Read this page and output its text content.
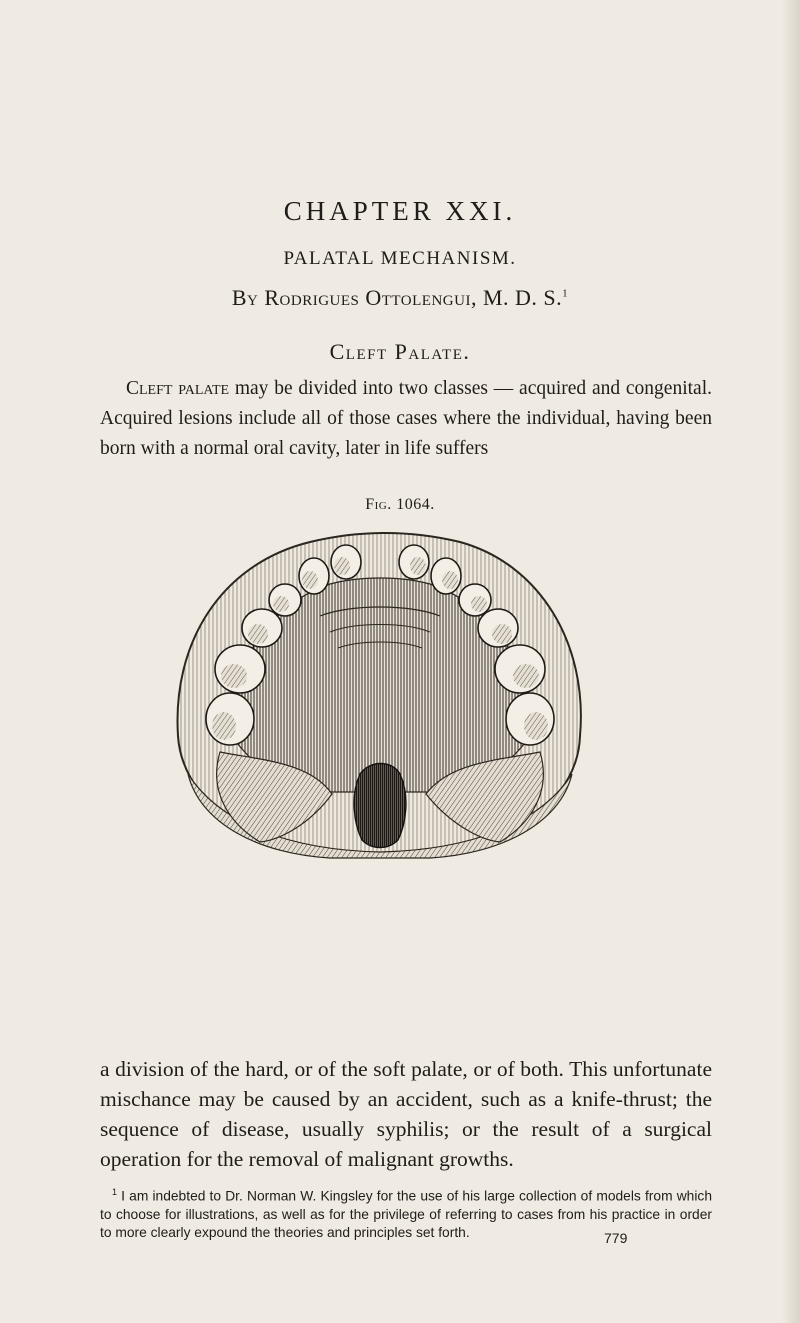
CHAPTER XXI.
PALATAL MECHANISM.
By Rodrigues Ottolengui, M. D. S.$^1$
Cleft Palate.

Cleft palate may be divided into two classes — acquired and congenital. Acquired lesions include all of those cases where the individual, having been born with a normal oral cavity, later in life suffers

Fig. 1064.

a division of the hard, or of the soft palate, or of both. This unfortunate mischance may be caused by an accident, such as a knife-thrust; the sequence of disease, usually syphilis; or the result of a surgical operation for the removal of malignant growths.

$^1$ I am indebted to Dr. Norman W. Kingsley for the use of his large collection of models from which to choose for illustrations, as well as for the privilege of referring to cases from his practice in order to more clearly expound the theories and principles set forth.	779
